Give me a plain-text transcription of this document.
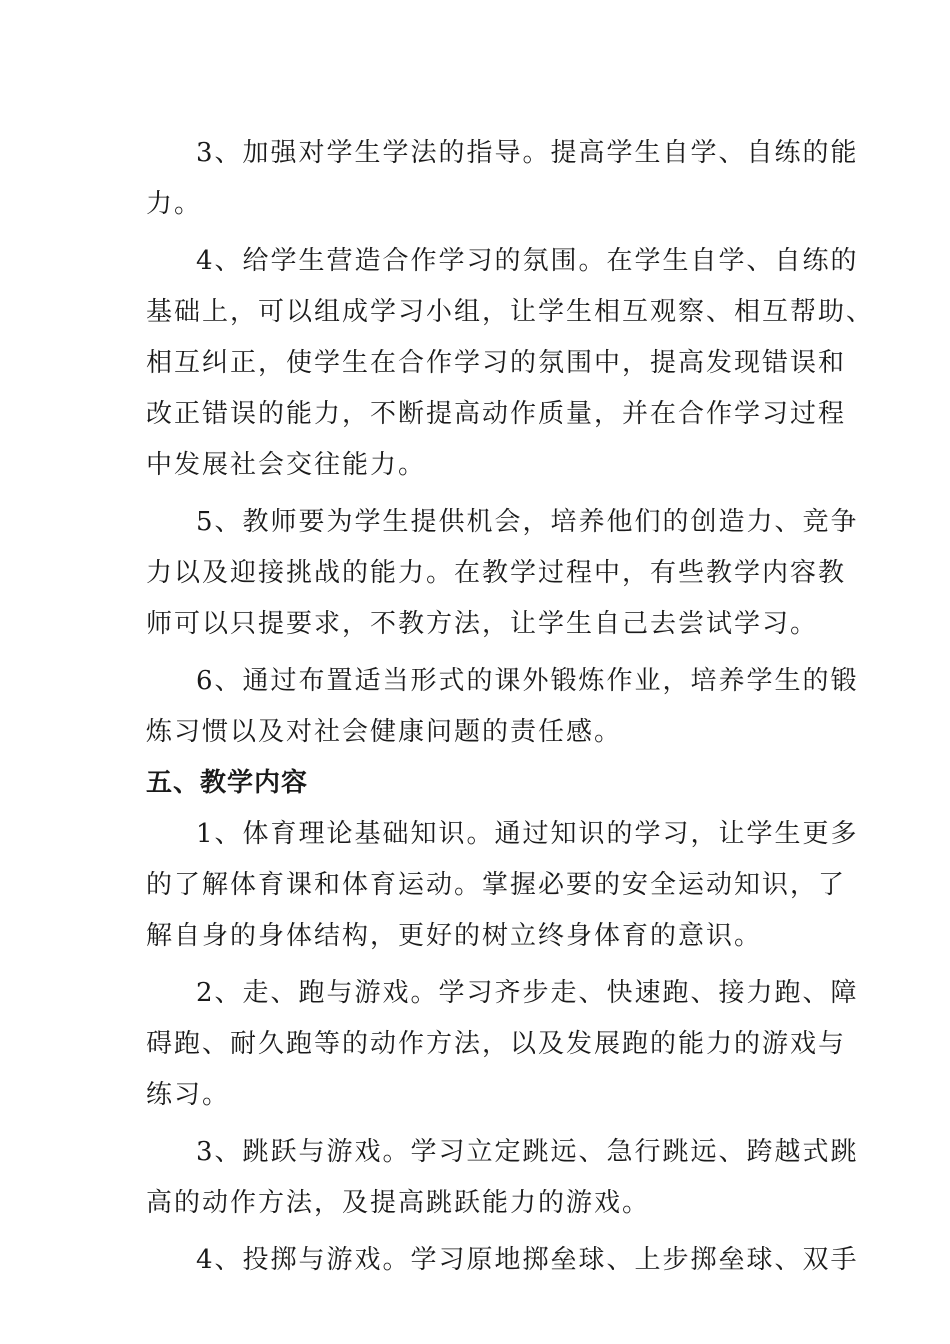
3、加强对学生学法的指导。提高学生自学、自练的能
力。
4、给学生营造合作学习的氛围。在学生自学、自练的
基础上，可以组成学习小组，让学生相互观察、相互帮助、
相互纠正，使学生在合作学习的氛围中，提高发现错误和
改正错误的能力，不断提高动作质量，并在合作学习过程
中发展社会交往能力。
5、教师要为学生提供机会，培养他们的创造力、竞争
力以及迎接挑战的能力。在教学过程中，有些教学内容教
师可以只提要求，不教方法，让学生自己去尝试学习。
6、通过布置适当形式的课外锻炼作业，培养学生的锻
炼习惯以及对社会健康问题的责任感。
五、教学内容
1、体育理论基础知识。通过知识的学习，让学生更多
的了解体育课和体育运动。掌握必要的安全运动知识，了
解自身的身体结构，更好的树立终身体育的意识。
2、走、跑与游戏。学习齐步走、快速跑、接力跑、障
碍跑、耐久跑等的动作方法，以及发展跑的能力的游戏与
练习。
3、跳跃与游戏。学习立定跳远、急行跳远、跨越式跳
高的动作方法，及提高跳跃能力的游戏。
4、投掷与游戏。学习原地掷垒球、上步掷垒球、双手
